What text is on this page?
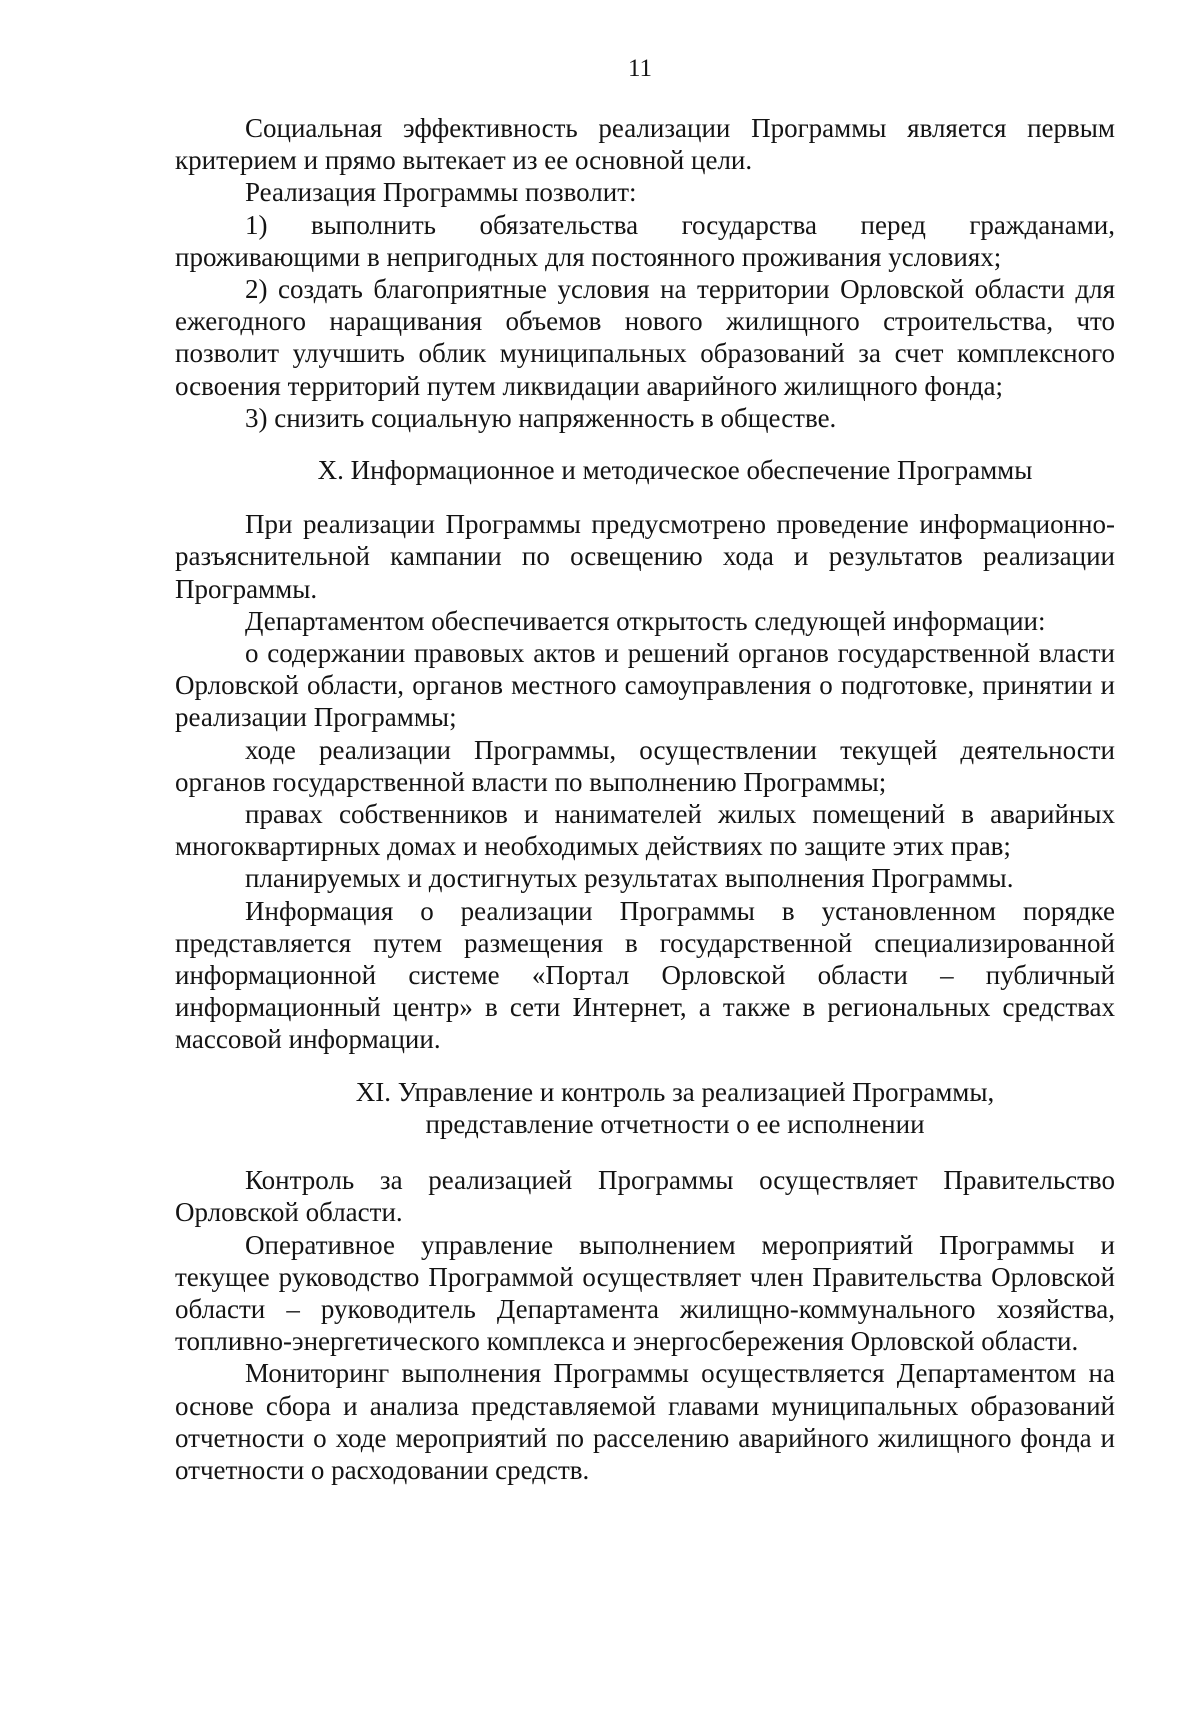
11

Социальная эффективность реализации Программы является первым критерием и прямо вытекает из ее основной цели.

Реализация Программы позволит:

1) выполнить обязательства государства перед гражданами, проживающими в непригодных для постоянного проживания условиях;

2) создать благоприятные условия на территории Орловской области для ежегодного наращивания объемов нового жилищного строительства, что позволит улучшить облик муниципальных образований за счет комплексного освоения территорий путем ликвидации аварийного жилищного фонда;

3) снизить социальную напряженность в обществе.

X. Информационное и методическое обеспечение Программы

При реализации Программы предусмотрено проведение информационно-разъяснительной кампании по освещению хода и результатов реализации Программы.

Департаментом обеспечивается открытость следующей информации:

о содержании правовых актов и решений органов государственной власти Орловской области, органов местного самоуправления о подготовке, принятии и реализации Программы;

ходе реализации Программы, осуществлении текущей деятельности органов государственной власти по выполнению Программы;

правах собственников и нанимателей жилых помещений в аварийных многоквартирных домах и необходимых действиях по защите этих прав;

планируемых и достигнутых результатах выполнения Программы.

Информация о реализации Программы в установленном порядке представляется путем размещения в государственной специализированной информационной системе «Портал Орловской области – публичный информационный центр» в сети Интернет, а также в региональных средствах массовой информации.

XI. Управление и контроль за реализацией Программы,
представление отчетности о ее исполнении

Контроль за реализацией Программы осуществляет Правительство Орловской области.

Оперативное управление выполнением мероприятий Программы и текущее руководство Программой осуществляет член Правительства Орловской области – руководитель Департамента жилищно-коммунального хозяйства, топливно-энергетического комплекса и энергосбережения Орловской области.

Мониторинг выполнения Программы осуществляется Департаментом на основе сбора и анализа представляемой главами муниципальных образований отчетности о ходе мероприятий по расселению аварийного жилищного фонда и отчетности о расходовании средств.
